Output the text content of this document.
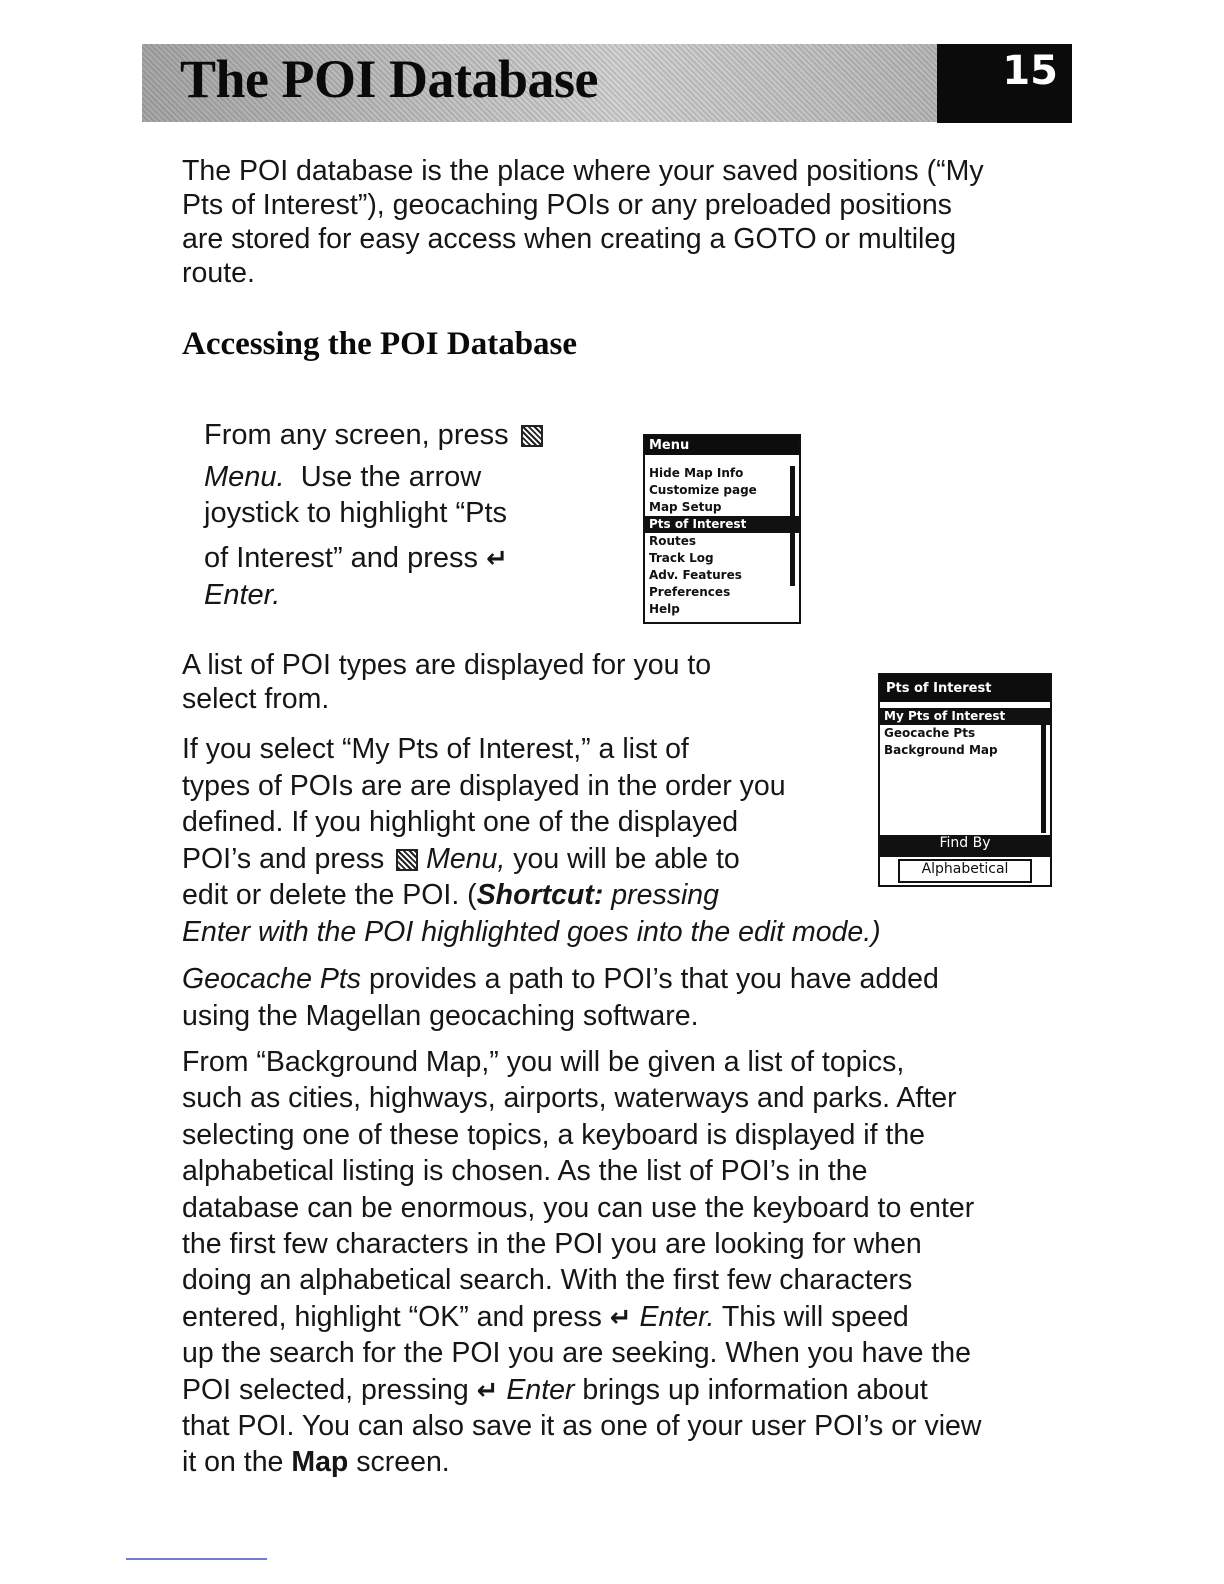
The POI Database	15
The POI database is the place where your saved positions (“My
Pts of Interest”), geocaching POIs or any preloaded positions
are stored for easy access when creating a GOTO or multileg
route.
Accessing the POI Database
From any screen, press
Menu. Use the arrow
joystick to highlight “Pts
of Interest” and press ↵
Enter.
Menu
Hide Map Info
Customize page
Map Setup
Pts of Interest
Routes
Track Log
Adv. Features
Preferences
Help
Pts of Interest
My Pts of Interest
Geocache Pts
Background Map
Find By
Alphabetical
A list of POI types are displayed for you to
select from.
If you select “My Pts of Interest,” a list of
types of POIs are are displayed in the order you
defined. If you highlight one of the displayed
POI’s and press Menu, you will be able to
edit or delete the POI. (Shortcut: pressing
Enter with the POI highlighted goes into the edit mode.)
Geocache Pts provides a path to POI’s that you have added
using the Magellan geocaching software.
From “Background Map,” you will be given a list of topics,
such as cities, highways, airports, waterways and parks. After
selecting one of these topics, a keyboard is displayed if the
alphabetical listing is chosen. As the list of POI’s in the
database can be enormous, you can use the keyboard to enter
the first few characters in the POI you are looking for when
doing an alphabetical search. With the first few characters
entered, highlight “OK” and press ↵ Enter. This will speed
up the search for the POI you are seeking. When you have the
POI selected, pressing ↵ Enter brings up information about
that POI. You can also save it as one of your user POI’s or view
it on the Map screen.
